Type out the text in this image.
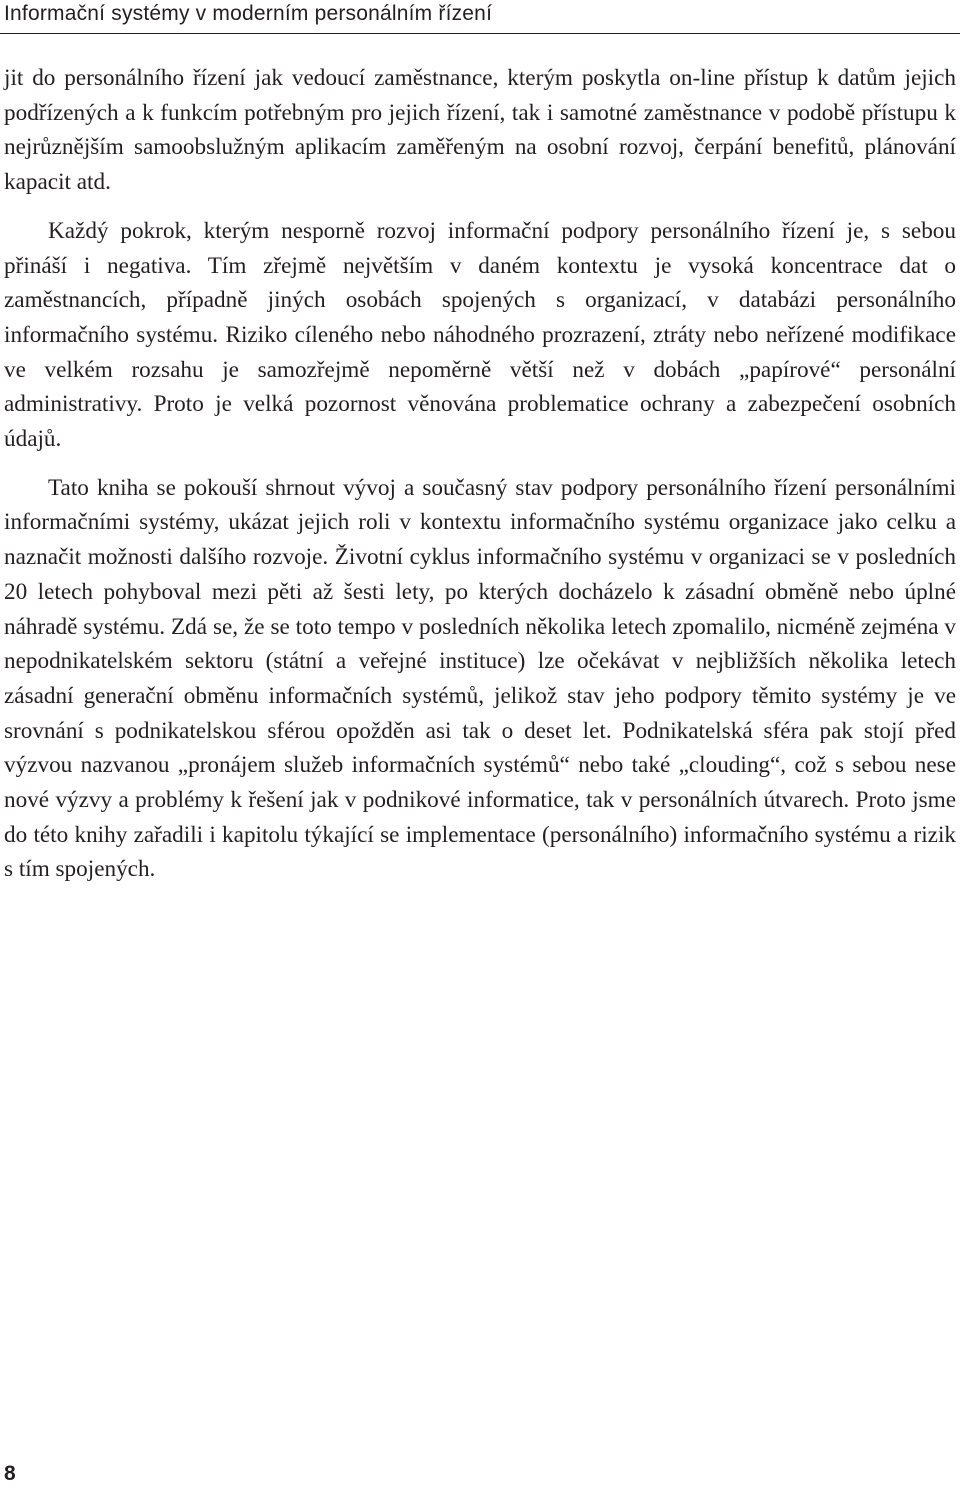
Informační systémy v moderním personálním řízení

jit do personálního řízení jak vedoucí zaměstnance, kterým poskytla on-line přístup k datům jejich podřízených a k funkcím potřebným pro jejich řízení, tak i samotné zaměstnance v podobě přístupu k nejrůznějším samoobslužným aplikacím zaměřeným na osobní rozvoj, čerpání benefitů, plánování kapacit atd.

Každý pokrok, kterým nesporně rozvoj informační podpory personálního řízení je, s sebou přináší i negativa. Tím zřejmě největším v daném kontextu je vysoká koncentrace dat o zaměstnancích, případně jiných osobách spojených s organizací, v databázi personálního informačního systému. Riziko cíleného nebo náhodného prozrazení, ztráty nebo neřízené modifikace ve velkém rozsahu je samozřejmě nepoměrně větší než v dobách „papírové“ personální administrativy. Proto je velká pozornost věnována problematice ochrany a zabezpečení osobních údajů.

Tato kniha se pokouší shrnout vývoj a současný stav podpory personálního řízení personálními informačními systémy, ukázat jejich roli v kontextu informačního systému organizace jako celku a naznačit možnosti dalšího rozvoje. Životní cyklus informačního systému v organizaci se v posledních 20 letech pohyboval mezi pěti až šesti lety, po kterých docházelo k zásadní obměně nebo úplné náhradě systému. Zdá se, že se toto tempo v posledních několika letech zpomalilo, nicméně zejména v nepodnikatelském sektoru (státní a veřejné instituce) lze očekávat v nejbližších několika letech zásadní generační obměnu informačních systémů, jelikož stav jeho podpory těmito systémy je ve srovnání s podnikatelskou sférou opožděn asi tak o deset let. Podnikatelská sféra pak stojí před výzvou nazvanou „pronájem služeb informačních systémů“ nebo také „clouding“, což s sebou nese nové výzvy a problémy k řešení jak v podnikové informatice, tak v personálních útvarech. Proto jsme do této knihy zařadili i kapitolu týkající se implementace (personálního) informačního systému a rizik s tím spojených.

8
